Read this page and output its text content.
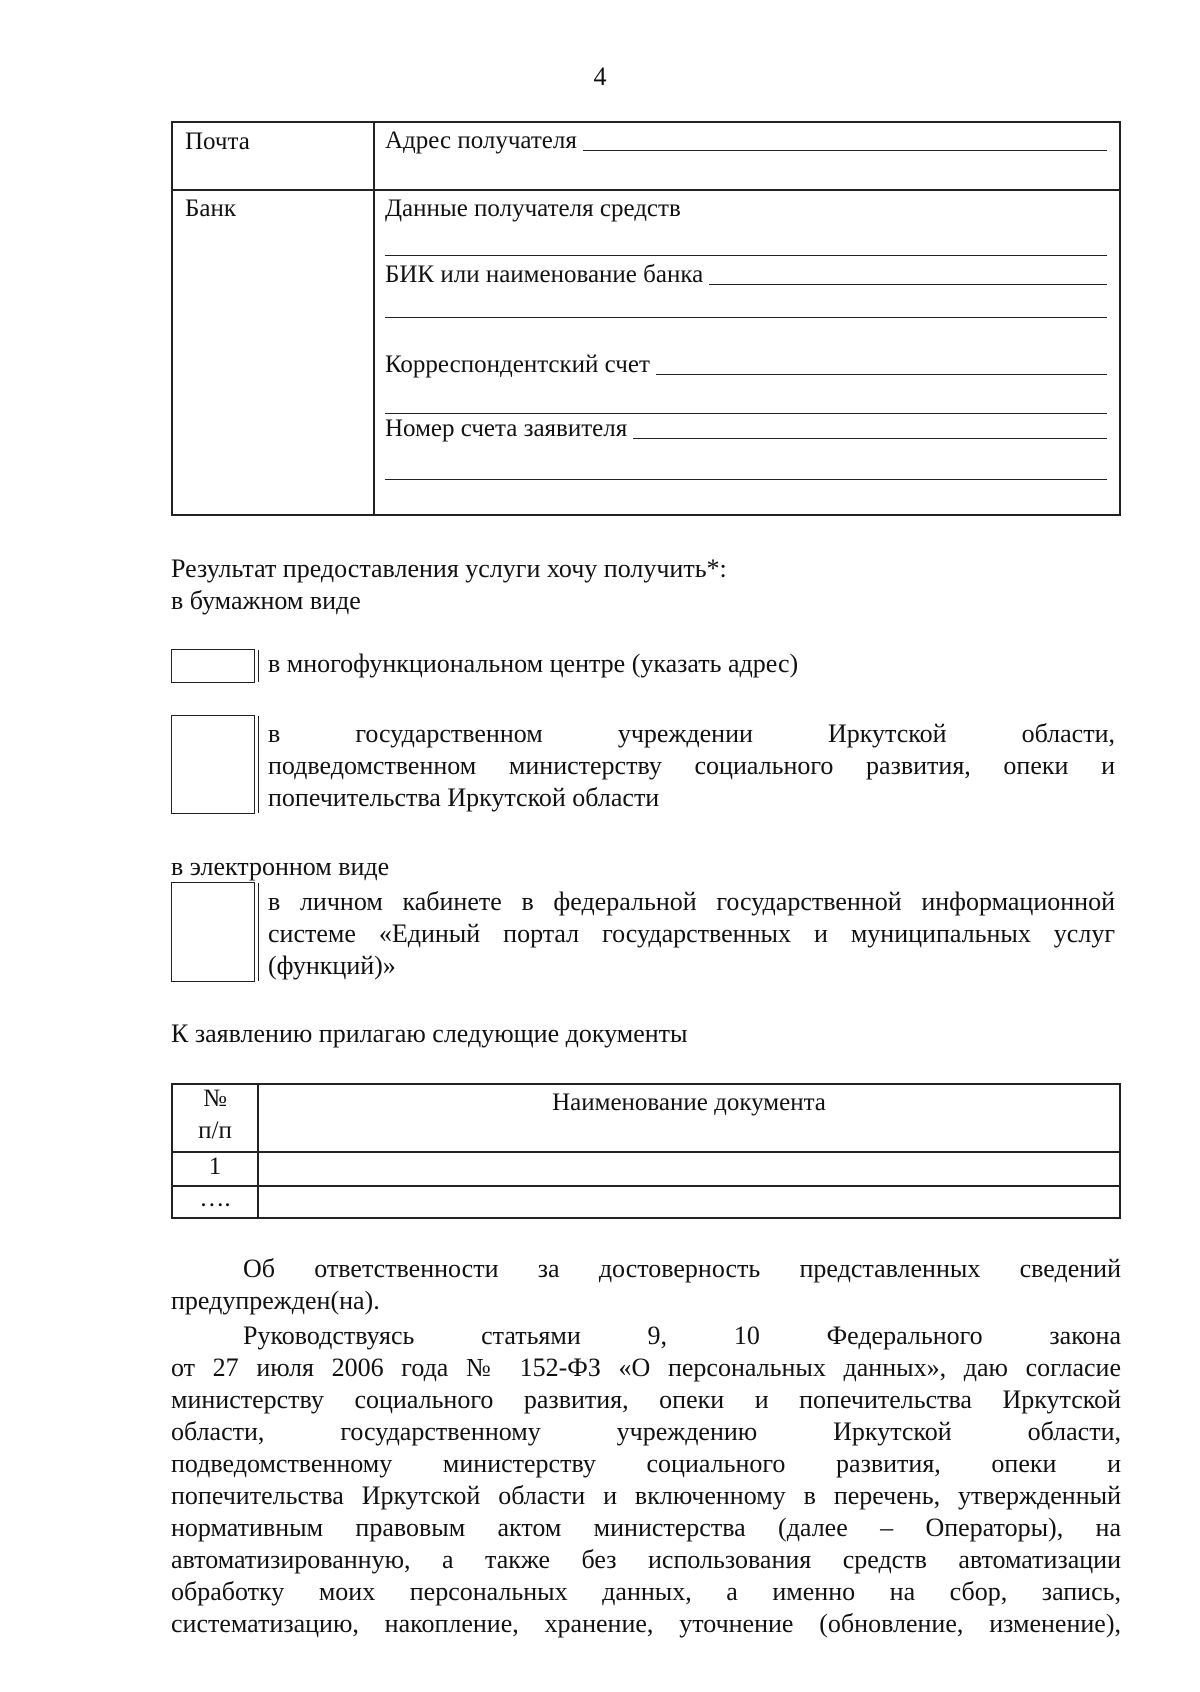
4
Почта	Адрес получателя
Банк	Данные получателя средств
БИК или наименование банка
Корреспондентский счет
Номер счета заявителя
Результат предоставления услуги хочу получить*:
в бумажном виде
в многофункциональном центре (указать адрес)
в государственном учреждении Иркутской области,
подведомственном министерству социального развития, опеки и
попечительства Иркутской области
в электронном виде
в личном кабинете в федеральной государственной информационной
системе «Единый портал государственных и муниципальных услуг
(функций)»
К заявлению прилагаю следующие документы
№
п/п
Наименование документа
1
….
Об ответственности за достоверность представленных сведений
предупрежден(на).
Руководствуясь статьями 9, 10 Федерального закона
от 27 июля 2006 года № 152-ФЗ «О персональных данных», даю согласие
министерству социального развития, опеки и попечительства Иркутской
области, государственному учреждению Иркутской области,
подведомственному министерству социального развития, опеки и
попечительства Иркутской области и включенному в перечень, утвержденный
нормативным правовым актом министерства (далее – Операторы), на
автоматизированную, а также без использования средств автоматизации
обработку моих персональных данных, а именно на сбор, запись,
систематизацию, накопление, хранение, уточнение (обновление, изменение),
